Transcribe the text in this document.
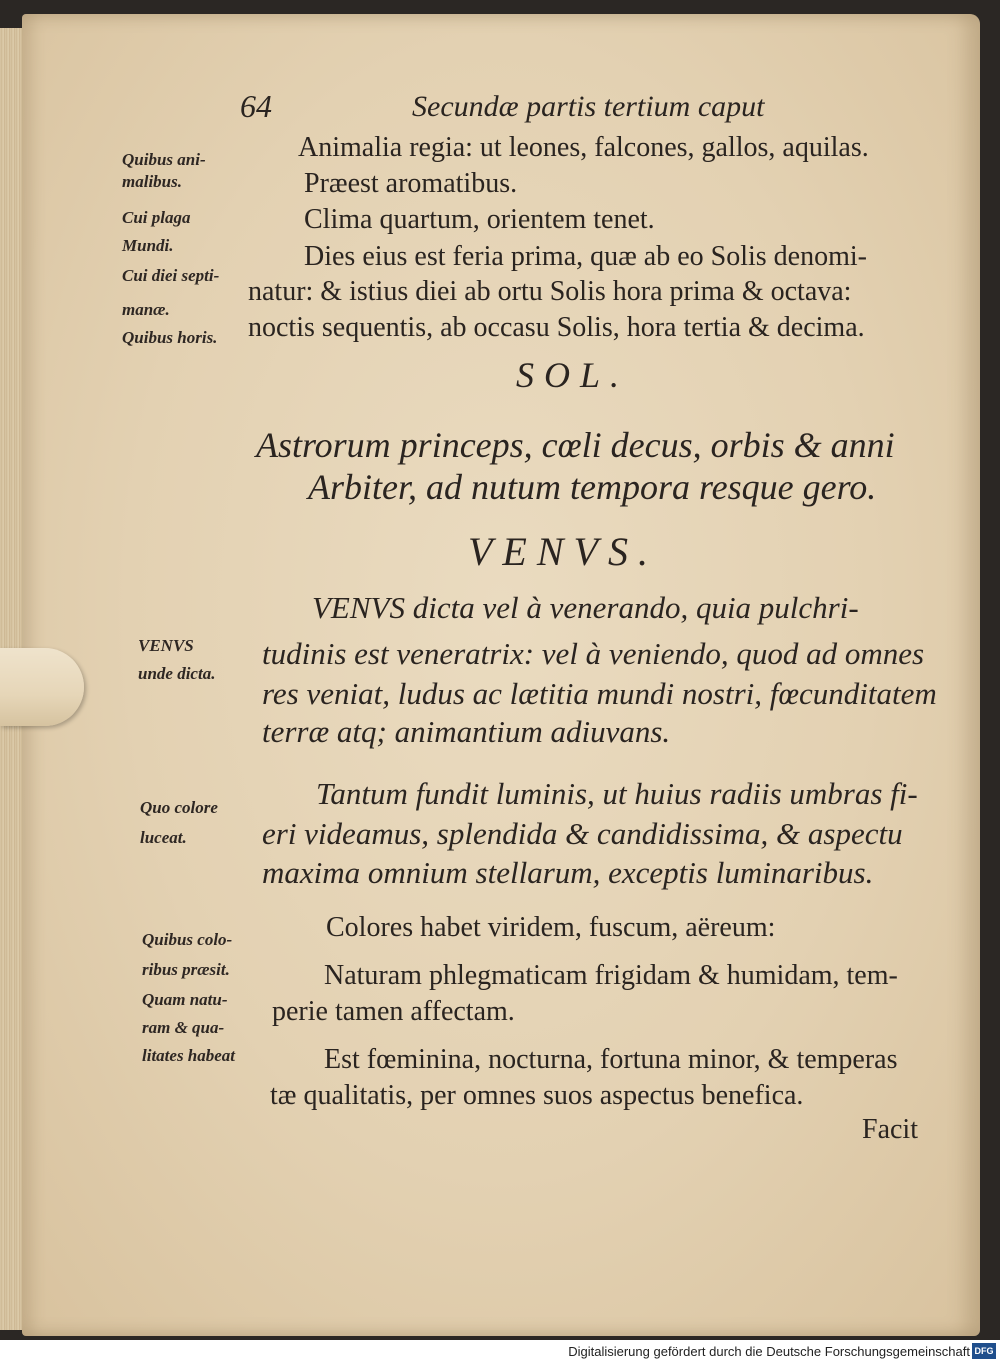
64	Secundæ partis tertium caput
Animalia regia: ut leones, falcones, gallos, aquilas.
Præest aromatibus.
Clima quartum, orientem tenet.
Dies eius est feria prima, quæ ab eo Solis denomi-
natur: & istius diei ab ortu Solis hora prima & octava:
noctis sequentis, ab occasu Solis, hora tertia & decima.
SOL.
Astrorum princeps, cœli decus, orbis & anni
Arbiter, ad nutum tempora resque gero.
VENVS.
VENVS dicta vel à venerando, quia pulchri-
tudinis est veneratrix: vel à veniendo, quod ad omnes
res veniat, ludus ac lætitia mundi nostri, fœcunditatem
terræ atq; animantium adiuvans.
Tantum fundit luminis, ut huius radiis umbras fi-
eri videamus, splendida & candidissima, & aspectu
maxima omnium stellarum, exceptis luminaribus.
Colores habet viridem, fuscum, aëreum:
Naturam phlegmaticam frigidam & humidam, tem-
perie tamen affectam.
Est fœminina, nocturna, fortuna minor, & temperas
tæ qualitatis, per omnes suos aspectus benefica.
Facit
Quibus ani-
malibus.
Cui plaga
Mundi.
Cui diei septi-
manæ.
Quibus horis.
VENVS
unde dicta.
Quo colore
luceat.
Quibus colo-
ribus præsit.
Quam natu-
ram & qua-
litates habeat
Digitalisierung gefördert durch die Deutsche Forschungsgemeinschaft DFG
